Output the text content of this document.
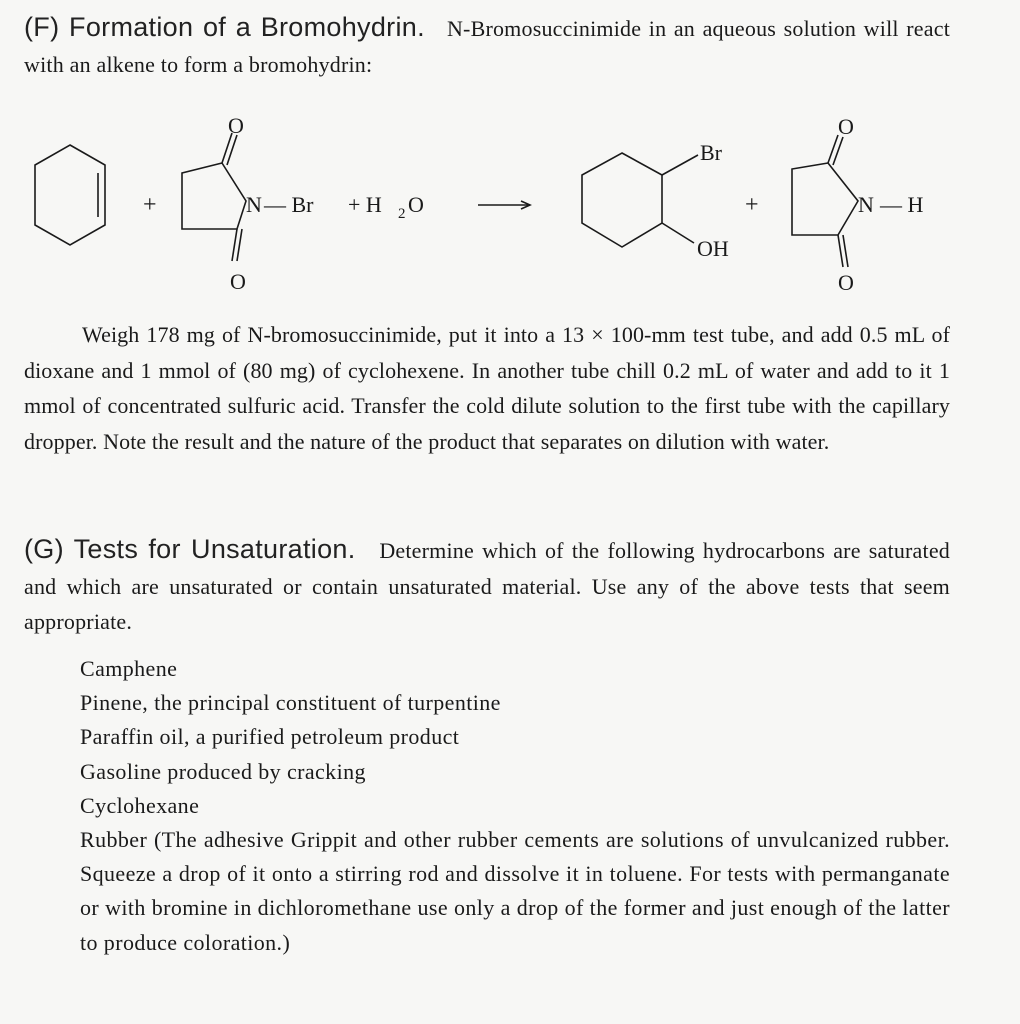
(F) Formation of a Bromohydrin. N-Bromosuccinimide in an aqueous solution will react with an alkene to form a bromohydrin:
+
O
N — Br
O
+ H 2 O
Br
OH
+
O
N — H
O
Weigh 178 mg of N-bromosuccinimide, put it into a 13 × 100-mm test tube, and add 0.5 mL of dioxane and 1 mmol of (80 mg) of cyclohexene. In another tube chill 0.2 mL of water and add to it 1 mmol of concentrated sulfuric acid. Transfer the cold dilute solution to the first tube with the capillary dropper. Note the result and the nature of the product that separates on dilution with water.
(G) Tests for Unsaturation. Determine which of the following hydrocarbons are saturated and which are unsaturated or contain unsaturated material. Use any of the above tests that seem appropriate.
Camphene
Pinene, the principal constituent of turpentine
Paraffin oil, a purified petroleum product
Gasoline produced by cracking
Cyclohexane
Rubber (The adhesive Grippit and other rubber cements are solutions of unvulcanized rubber. Squeeze a drop of it onto a stirring rod and dissolve it in toluene. For tests with permanganate or with bromine in dichloromethane use only a drop of the former and just enough of the latter to produce coloration.)
